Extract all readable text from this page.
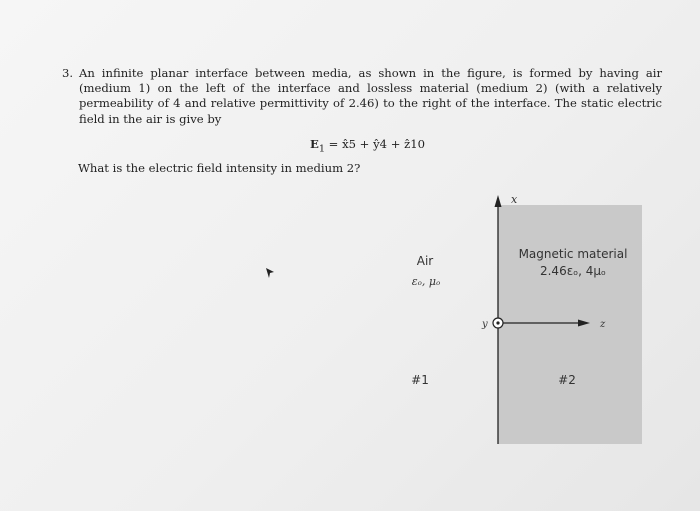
3. An infinite planar interface between media, as shown in the figure, is formed by having air (medium 1) on the left of the interface and lossless material (medium 2) (with a relatively permeability of 4 and relative permittivity of 2.46) to the right of the interface. The static electric field in the air is give by
$E_1$ = x̂5 + ŷ4 + ẑ10
What is the electric field intensity in medium 2?
x
z
y
Air
εₒ, μₒ
#1
Magnetic material
2.46εₒ, 4μₒ
#2
